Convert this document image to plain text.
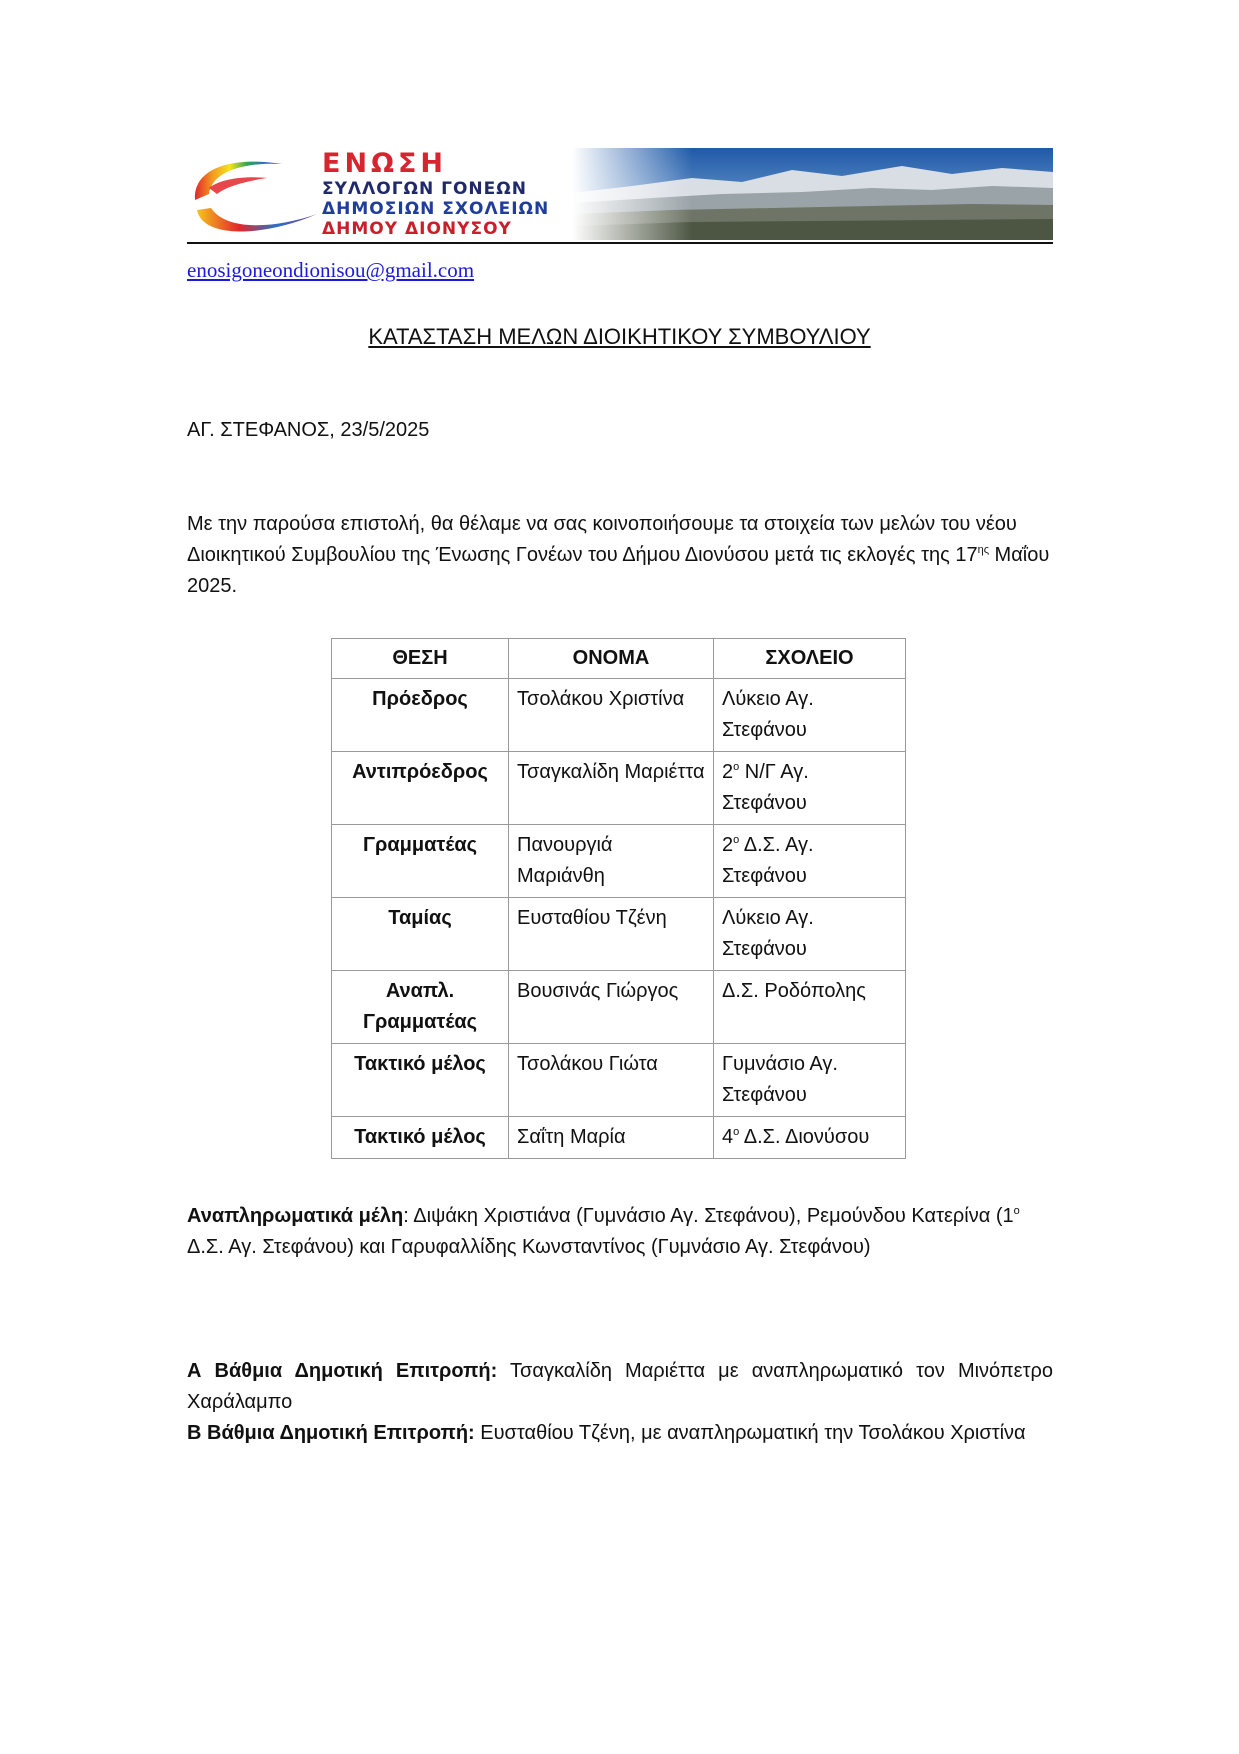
ΕΝΩΣΗ

ΣΥΛΛΟΓΩΝ ΓΟΝΕΩΝ

ΔΗΜΟΣΙΩΝ ΣΧΟΛΕΙΩΝ

ΔΗΜΟΥ ΔΙΟΝΥΣΟΥ

enosigoneondionisou@gmail.com
ΚΑΤΑΣΤΑΣΗ ΜΕΛΩΝ ΔΙΟΙΚΗΤΙΚΟΥ ΣΥΜΒΟΥΛΙΟΥ

ΑΓ. ΣΤΕΦΑΝΟΣ, 23/5/2025

Με την παρούσα επιστολή, θα θέλαμε να σας κοινοποιήσουμε τα στοιχεία των μελών του νέου Διοικητικού Συμβουλίου της Ένωσης Γονέων του Δήμου Διονύσου μετά τις εκλογές της $17^{\eta\varsigma}$ Μαΐου 2025.

ΘΕΣΗ	ΟΝΟΜΑ	ΣΧΟΛΕΙΟ
Πρόεδρος	Τσολάκου Χριστίνα	Λύκειο Αγ. Στεφάνου
Αντιπρόεδρος	Τσαγκαλίδη Μαριέττα	$2^o$ Ν/Γ Αγ. Στεφάνου
Γραμματέας	Πανουργιά Μαριάνθη	$2^o$ Δ.Σ. Αγ. Στεφάνου
Ταμίας	Ευσταθίου Τζένη	Λύκειο Αγ. Στεφάνου
Αναπλ. Γραμματέας	Βουσινάς Γιώργος	Δ.Σ. Ροδόπολης
Τακτικό μέλος	Τσολάκου Γιώτα	Γυμνάσιο Αγ. Στεφάνου
Τακτικό μέλος	Σαΐτη Μαρία	$4^o$ Δ.Σ. Διονύσου

Αναπληρωματικά μέλη: Διψάκη Χριστιάνα (Γυμνάσιο Αγ. Στεφάνου), Ρεμούνδου Κατερίνα ($1^o$ Δ.Σ. Αγ. Στεφάνου) και Γαρυφαλλίδης Κωνσταντίνος (Γυμνάσιο Αγ. Στεφάνου)

Α Βάθμια Δημοτική Επιτροπή: Τσαγκαλίδη Μαριέττα με αναπληρωματικό τον Μινόπετρο Χαράλαμπο

Β Βάθμια Δημοτική Επιτροπή: Ευσταθίου Τζένη, με αναπληρωματική την Τσολάκου Χριστίνα
